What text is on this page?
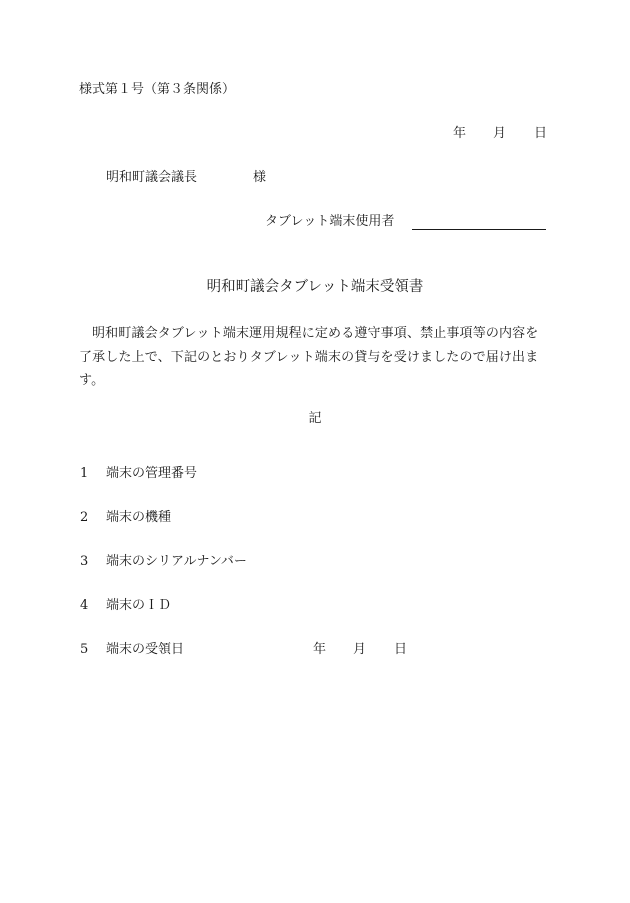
様式第１号（第３条関係）
年 月 日
明和町議会議長	様
タブレット端末使用者
明和町議会タブレット端末受領書
明和町議会タブレット端末運用規程に定める遵守事項、禁止事項等の内容を了承した上で、下記のとおりタブレット端末の貸与を受けましたので届け出ます。
記
1 端末の管理番号
2 端末の機種
3 端末のシリアルナンバー
4 端末のＩＤ
5 端末の受領日	年 月 日
